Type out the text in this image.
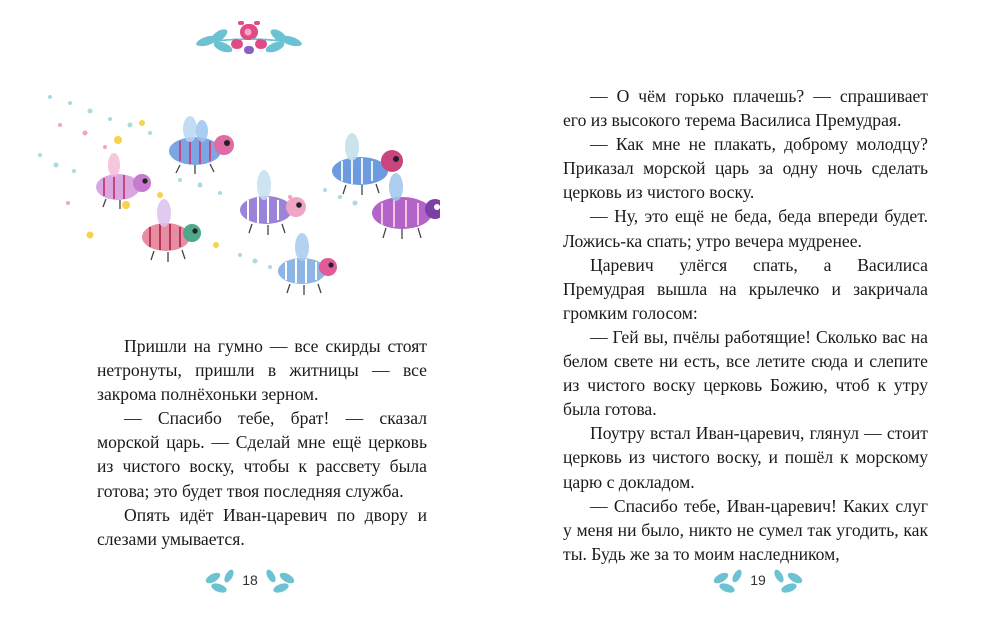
Пришли на гумно — все скирды стоят нетронуты, пришли в житницы — все закрома полнёхоньки зерном.

— Спасибо тебе, брат! — сказал морской царь. — Сделай мне ещё церковь из чистого воску, чтобы к рассвету была готова; это будет твоя последняя служба.

Опять идёт Иван-царевич по двору и слезами умывается.

18

— О чём горько плачешь? — спрашивает его из высокого терема Василиса Премудрая.

— Как мне не плакать, доброму молодцу? Приказал морской царь за одну ночь сделать церковь из чистого воску.

— Ну, это ещё не беда, беда впереди будет. Ложись-ка спать; утро вечера мудренее.

Царевич улёгся спать, а Василиса Премудрая вышла на крылечко и закричала громким голосом:

— Гей вы, пчёлы работящие! Сколько вас на белом свете ни есть, все летите сюда и слепите из чистого воску церковь Божию, чтоб к утру была готова.

Поутру встал Иван-царевич, глянул — стоит церковь из чистого воску, и пошёл к морскому царю с докладом.

— Спасибо тебе, Иван-царевич! Каких слуг у меня ни было, никто не сумел так угодить, как ты. Будь же за то моим наследником,

19
